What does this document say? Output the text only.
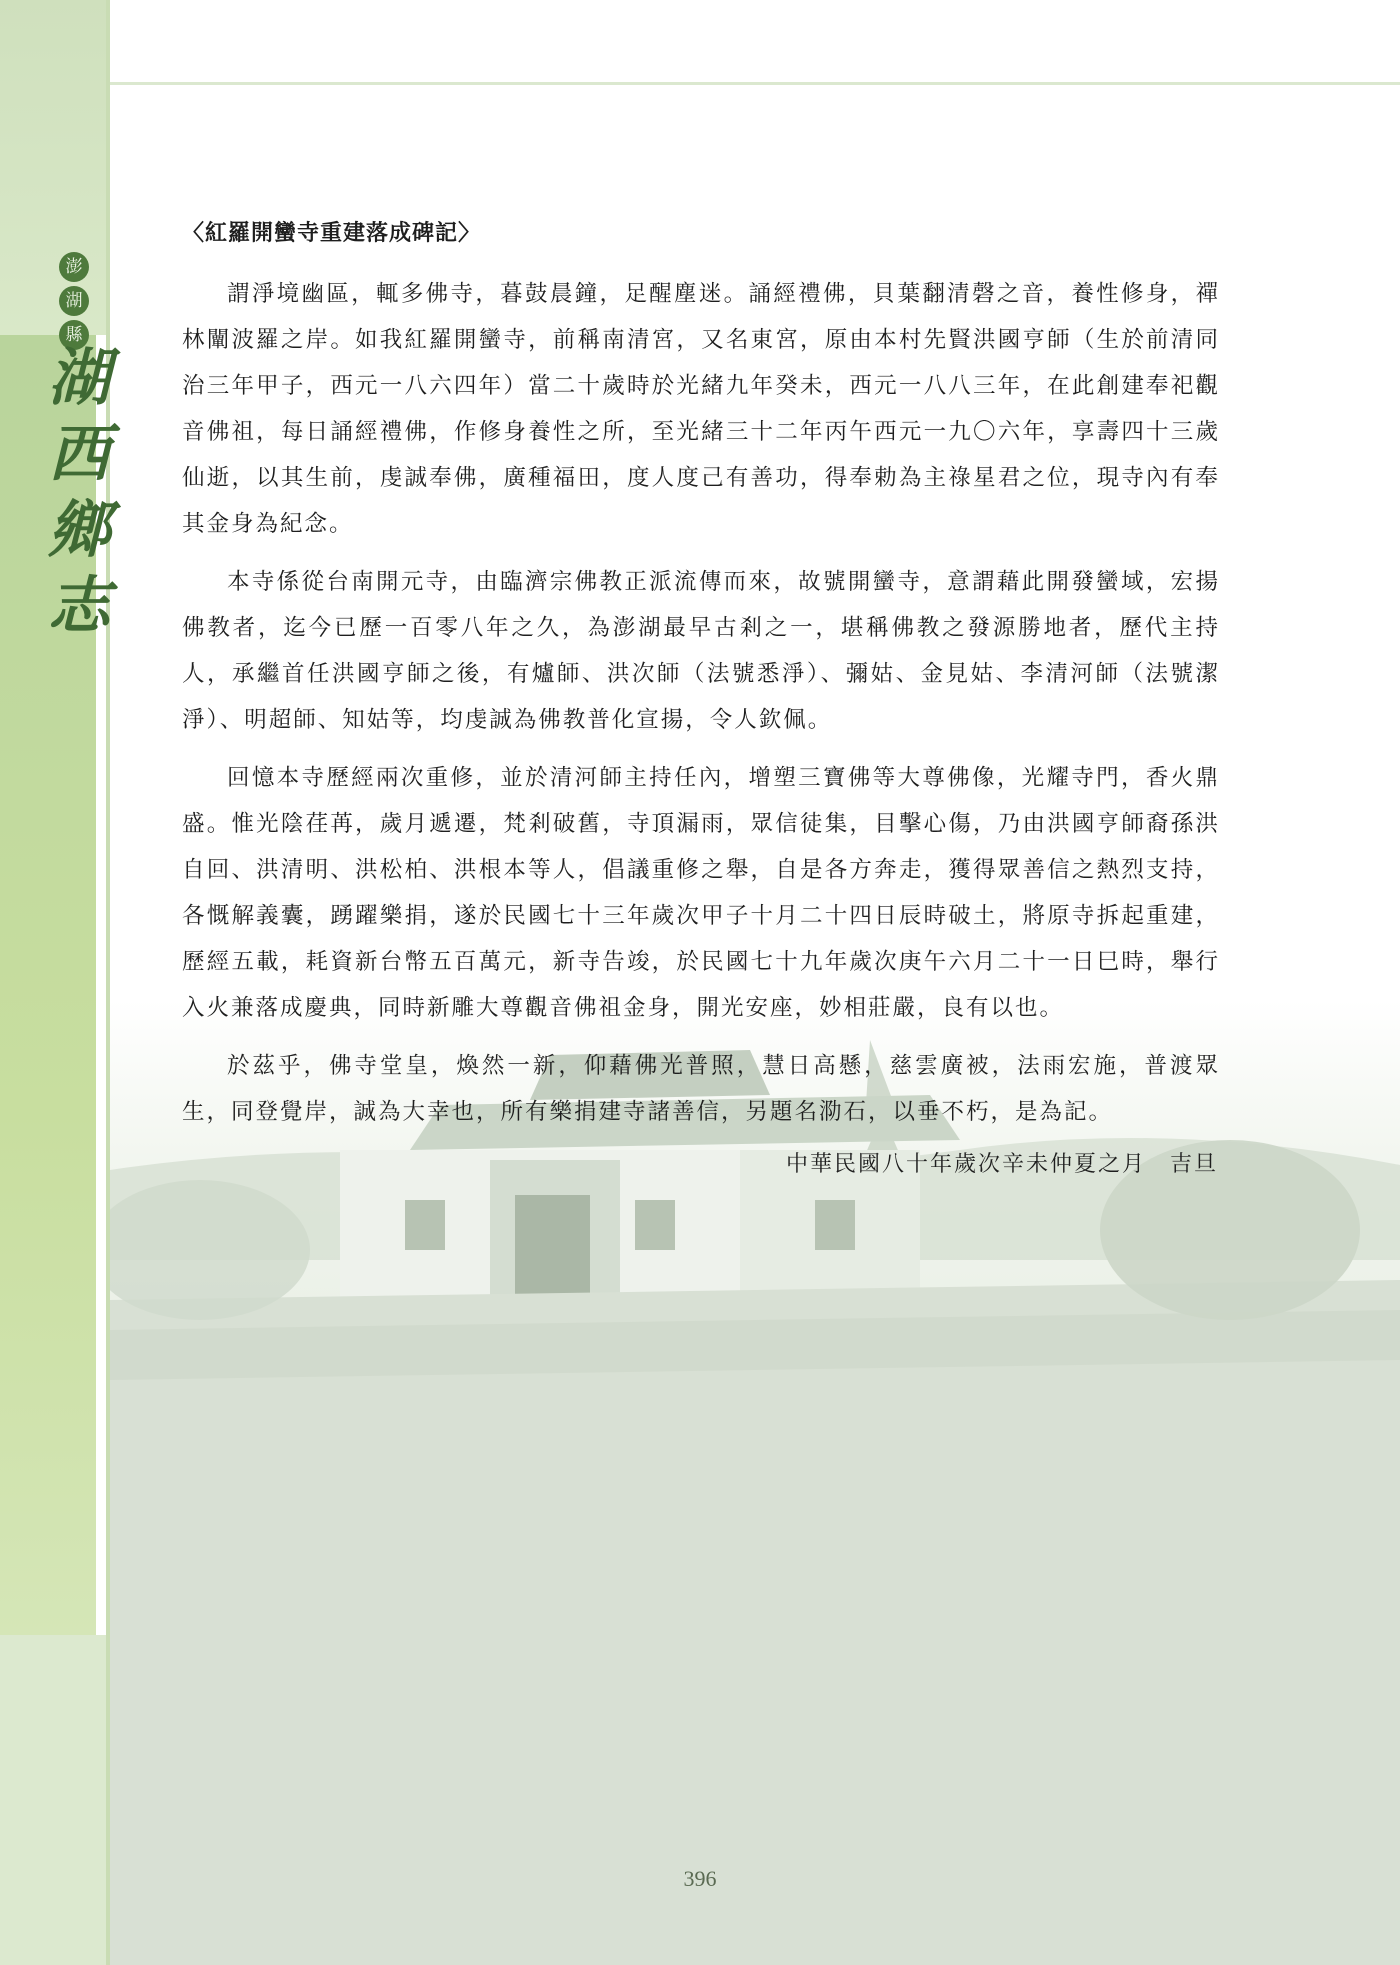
澎
湖
縣
湖
西
鄉
志
〈紅羅開蠻寺重建落成碑記〉

謂淨境幽區，輒多佛寺，暮鼓晨鐘，足醒塵迷。誦經禮佛，貝葉翻清磬之音，養性修身，禪林闡波羅之岸。如我紅羅開蠻寺，前稱南清宮，又名東宮，原由本村先賢洪國亨師（生於前清同治三年甲子，西元一八六四年）當二十歲時於光緒九年癸未，西元一八八三年，在此創建奉祀觀音佛祖，每日誦經禮佛，作修身養性之所，至光緒三十二年丙午西元一九〇六年，享壽四十三歲仙逝，以其生前，虔誠奉佛，廣種福田，度人度己有善功，得奉勅為主祿星君之位，現寺內有奉其金身為紀念。

本寺係從台南開元寺，由臨濟宗佛教正派流傳而來，故號開蠻寺，意謂藉此開發蠻域，宏揚佛教者，迄今已歷一百零八年之久，為澎湖最早古剎之一，堪稱佛教之發源勝地者，歷代主持人，承繼首任洪國亨師之後，有爐師、洪次師（法號悉淨）、彌姑、金見姑、李清河師（法號潔淨）、明超師、知姑等，均虔誠為佛教普化宣揚，令人欽佩。

回憶本寺歷經兩次重修，並於清河師主持任內，增塑三寶佛等大尊佛像，光耀寺門，香火鼎盛。惟光陰荏苒，歲月遞遷，梵剎破舊，寺頂漏雨，眾信徒集，目擊心傷，乃由洪國亨師裔孫洪自回、洪清明、洪松柏、洪根本等人，倡議重修之舉，自是各方奔走，獲得眾善信之熱烈支持，各慨解義囊，踴躍樂捐，遂於民國七十三年歲次甲子十月二十四日辰時破土，將原寺拆起重建，歷經五載，耗資新台幣五百萬元，新寺告竣，於民國七十九年歲次庚午六月二十一日巳時，舉行入火兼落成慶典，同時新雕大尊觀音佛祖金身，開光安座，妙相莊嚴，良有以也。

於茲乎，佛寺堂皇，煥然一新，仰藉佛光普照，慧日高懸，慈雲廣被，法雨宏施，普渡眾生，同登覺岸，誠為大幸也，所有樂捐建寺諸善信，另題名泐石，以垂不朽，是為記。

中華民國八十年歲次辛未仲夏之月　吉旦
396
